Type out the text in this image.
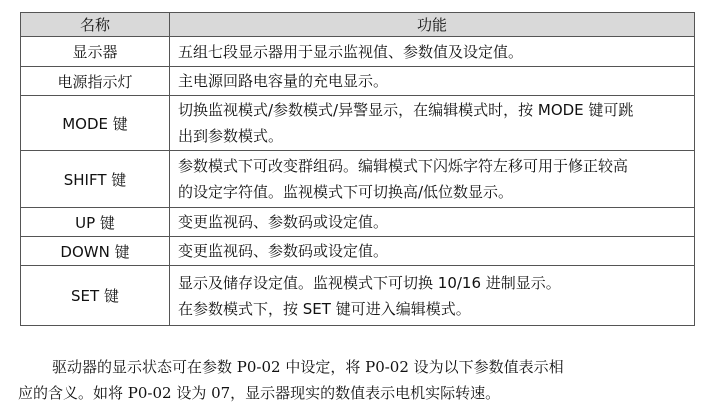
名称	功能
显示器	五组七段显示器用于显示监视值、参数值及设定值。

电源指示灯	主电源回路电容量的充电显示。

MODE 键	切换监视模式/参数模式/异警显示，在编辑模式时，按 MODE 键可跳
出到参数模式。

SHIFT 键	参数模式下可改变群组码。编辑模式下闪烁字符左移可用于修正较高
的设定字符值。监视模式下可切换高/低位数显示。

UP 键	变更监视码、参数码或设定值。

DOWN 键	变更监视码、参数码或设定值。

SET 键	显示及储存设定值。监视模式下可切换 10/16 进制显示。
在参数模式下，按 SET 键可进入编辑模式。
驱动器的显示状态可在参数 P0-02 中设定，将 P0-02 设为以下参数值表示相
应的含义。如将 P0-02 设为 07，显示器现实的数值表示电机实际转速。
